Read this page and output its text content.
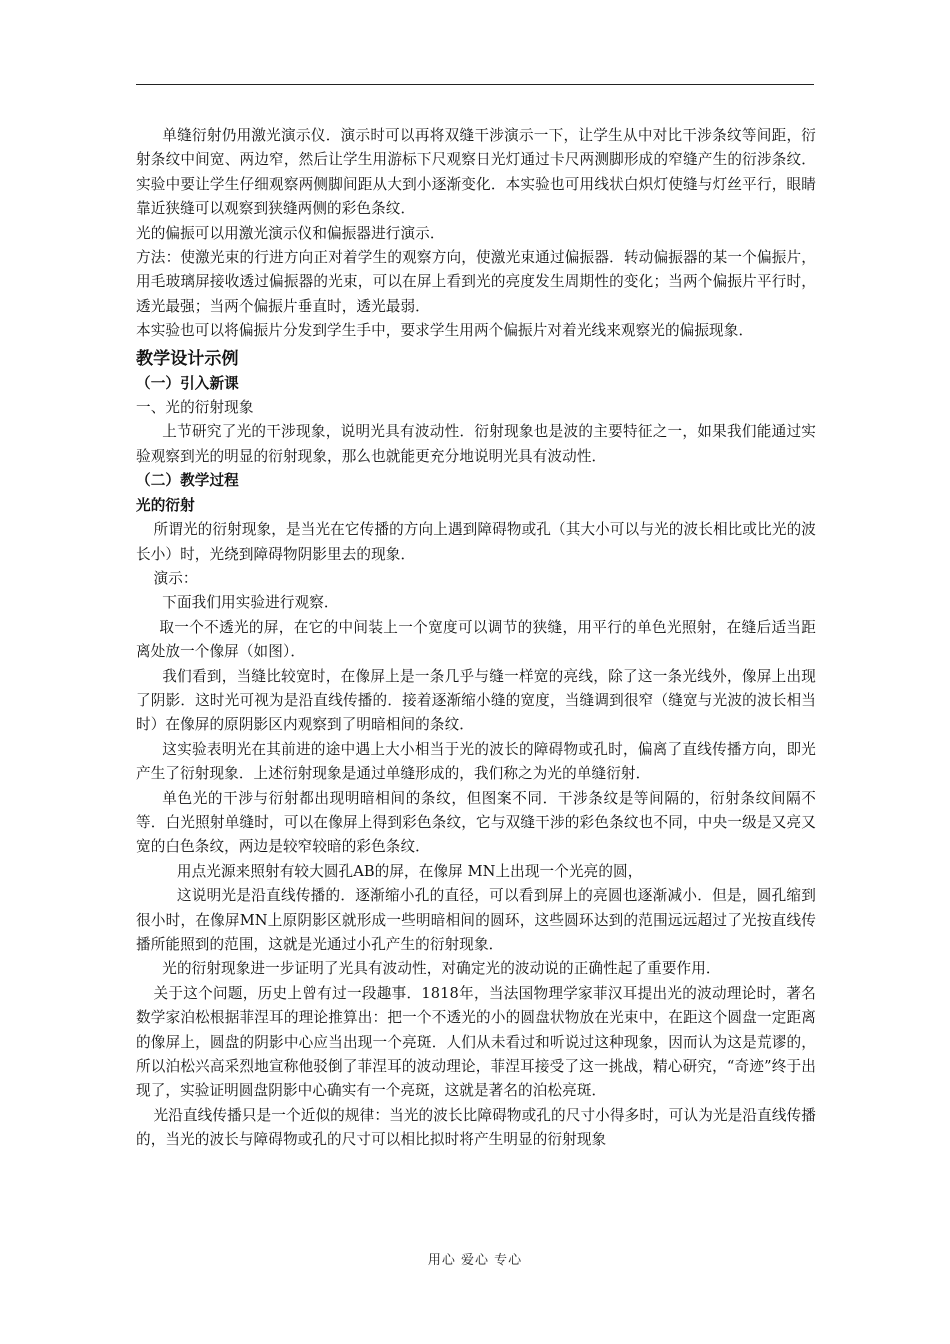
单缝衍射仍用激光演示仪．演示时可以再将双缝干涉演示一下，让学生从中对比干涉条纹等间距，衍射条纹中间宽、两边窄，然后让学生用游标下尺观察日光灯通过卡尺两测脚形成的窄缝产生的衍涉条纹．实验中要让学生仔细观察两侧脚间距从大到小逐渐变化．本实验也可用线状白炽灯使缝与灯丝平行，眼睛靠近狭缝可以观察到狭缝两侧的彩色条纹．

光的偏振可以用激光演示仪和偏振器进行演示．

方法：使激光束的行进方向正对着学生的观察方向，使激光束通过偏振器．转动偏振器的某一个偏振片，用毛玻璃屏接收透过偏振器的光束，可以在屏上看到光的亮度发生周期性的变化；当两个偏振片平行时，透光最强；当两个偏振片垂直时，透光最弱．

本实验也可以将偏振片分发到学生手中，要求学生用两个偏振片对着光线来观察光的偏振现象．

教学设计示例

（一）引入新课

一、光的衍射现象

上节研究了光的干涉现象，说明光具有波动性．衍射现象也是波的主要特征之一，如果我们能通过实验观察到光的明显的衍射现象，那么也就能更充分地说明光具有波动性．

（二）教学过程

光的衍射

所谓光的衍射现象，是当光在它传播的方向上遇到障碍物或孔（其大小可以与光的波长相比或比光的波长小）时，光绕到障碍物阴影里去的现象．

演示：

下面我们用实验进行观察．

取一个不透光的屏，在它的中间装上一个宽度可以调节的狭缝，用平行的单色光照射，在缝后适当距离处放一个像屏（如图）．

我们看到，当缝比较宽时，在像屏上是一条几乎与缝一样宽的亮线，除了这一条光线外，像屏上出现了阴影．这时光可视为是沿直线传播的．接着逐渐缩小缝的宽度，当缝调到很窄（缝宽与光波的波长相当时）在像屏的原阴影区内观察到了明暗相间的条纹．

这实验表明光在其前进的途中遇上大小相当于光的波长的障碍物或孔时，偏离了直线传播方向，即光产生了衍射现象．上述衍射现象是通过单缝形成的，我们称之为光的单缝衍射．

单色光的干涉与衍射都出现明暗相间的条纹，但图案不同．干涉条纹是等间隔的，衍射条纹间隔不等．白光照射单缝时，可以在像屏上得到彩色条纹，它与双缝干涉的彩色条纹也不同，中央一级是又亮又宽的白色条纹，两边是较窄较暗的彩色条纹．

用点光源来照射有较大圆孔AB的屏，在像屏 MN上出现一个光亮的圆，

这说明光是沿直线传播的．逐渐缩小孔的直径，可以看到屏上的亮圆也逐渐减小．但是，圆孔缩到很小时，在像屏MN上原阴影区就形成一些明暗相间的圆环，这些圆环达到的范围远远超过了光按直线传播所能照到的范围，这就是光通过小孔产生的衍射现象．

光的衍射现象进一步证明了光具有波动性，对确定光的波动说的正确性起了重要作用．

关于这个问题，历史上曾有过一段趣事．1818年，当法国物理学家菲汉耳提出光的波动理论时，著名数学家泊松根据菲涅耳的理论推算出：把一个不透光的小的圆盘状物放在光束中，在距这个圆盘一定距离的像屏上，圆盘的阴影中心应当出现一个亮斑．人们从未看过和听说过这种现象，因而认为这是荒谬的，所以泊松兴高采烈地宣称他驳倒了菲涅耳的波动理论，菲涅耳接受了这一挑战，精心研究，“奇迹”终于出现了，实验证明圆盘阴影中心确实有一个亮斑，这就是著名的泊松亮斑．

光沿直线传播只是一个近似的规律：当光的波长比障碍物或孔的尺寸小得多时，可认为光是沿直线传播的，当光的波长与障碍物或孔的尺寸可以相比拟时将产生明显的衍射现象

用心 爱心 专心
